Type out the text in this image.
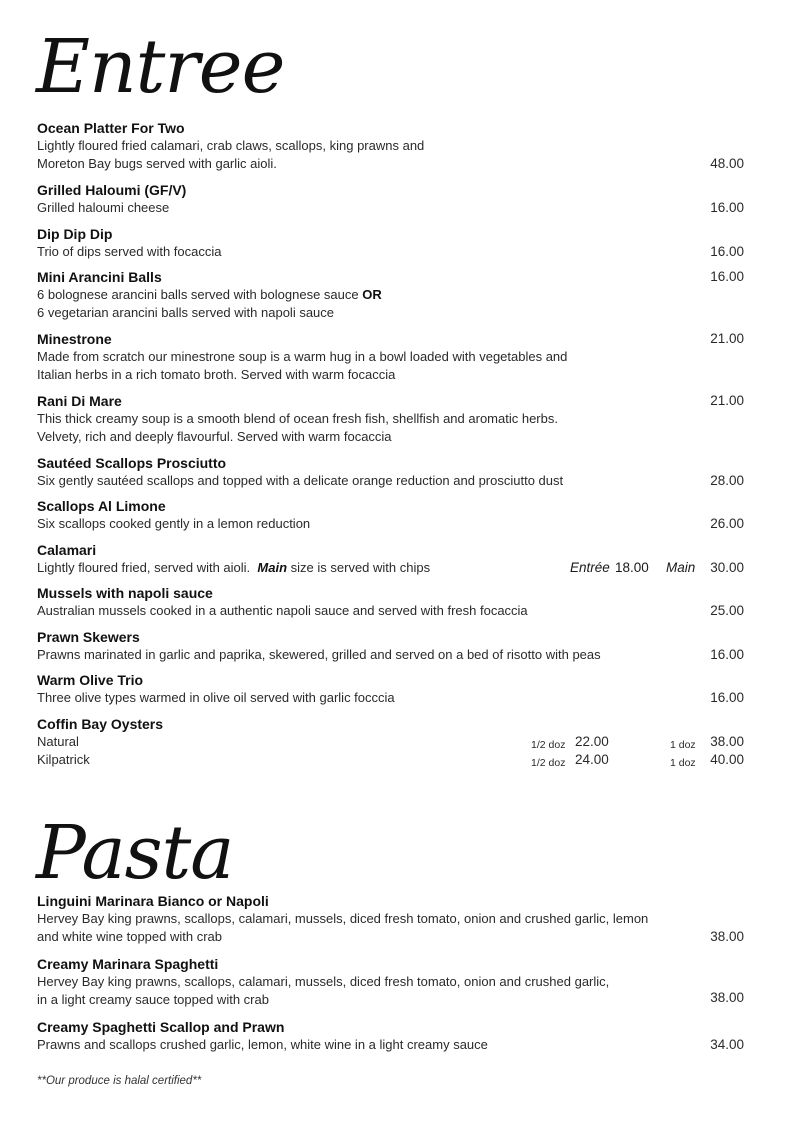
Entree
Ocean Platter For Two
Lightly floured fried calamari, crab claws, scallops, king prawns and
Moreton Bay bugs served with garlic aioli.	48.00
Grilled Haloumi (GF/V)
Grilled haloumi cheese	16.00
Dip Dip Dip
Trio of dips served with focaccia	16.00
Mini Arancini Balls
6 bolognese arancini balls served with bolognese sauce OR
6 vegetarian arancini balls served with napoli sauce
16.00
Minestrone
Made from scratch our minestrone soup is a warm hug in a bowl loaded with vegetables and
Italian herbs in a rich tomato broth. Served with warm focaccia
21.00
Rani Di Mare
This thick creamy soup is a smooth blend of ocean fresh fish, shellfish and aromatic herbs.
Velvety, rich and deeply flavourful. Served with warm focaccia
21.00
Sautéed Scallops Prosciutto
Six gently sautéed scallops and topped with a delicate orange reduction and prosciutto dust	28.00
Scallops Al Limone
Six scallops cooked gently in a lemon reduction	26.00
Calamari
Lightly floured fried, served with aioli. Main size is served with chips	Entrée 18.00 Main 30.00
Mussels with napoli sauce
Australian mussels cooked in a authentic napoli sauce and served with fresh focaccia	25.00
Prawn Skewers
Prawns marinated in garlic and paprika, skewered, grilled and served on a bed of risotto with peas	16.00
Warm Olive Trio
Three olive types warmed in olive oil served with garlic focccia	16.00
Coffin Bay Oysters
Natural	1/2 doz 22.00	1 doz 38.00
Kilpatrick	1/2 doz 24.00	1 doz 40.00
Pasta
Linguini Marinara Bianco or Napoli
Hervey Bay king prawns, scallops, calamari, mussels, diced fresh tomato, onion and crushed garlic, lemon
and white wine topped with crab	38.00
Creamy Marinara Spaghetti
Hervey Bay king prawns, scallops, calamari, mussels, diced fresh tomato, onion and crushed garlic,
in a light creamy sauce topped with crab	38.00
Creamy Spaghetti Scallop and Prawn
Prawns and scallops crushed garlic, lemon, white wine in a light creamy sauce	34.00
**Our produce is halal certified**
